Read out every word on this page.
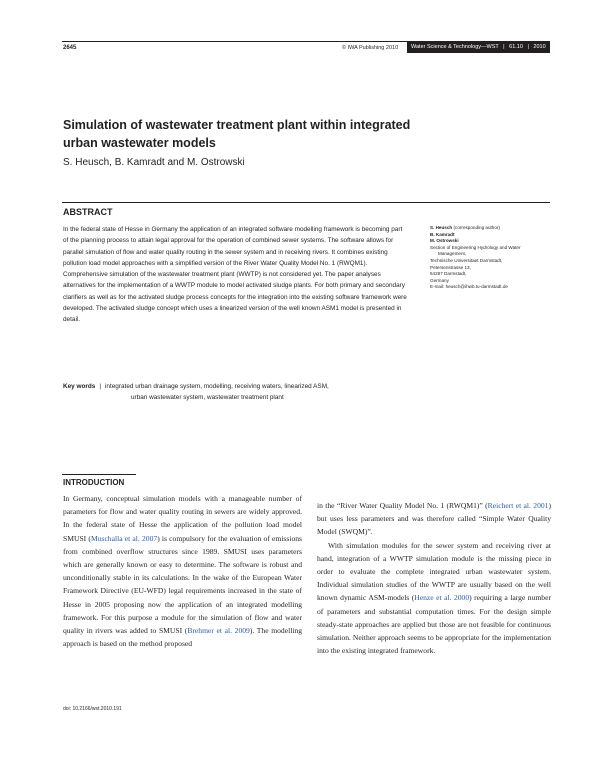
2645	© IWA Publishing 2010	Water Science & Technology—WST | 61.10 | 2010
Simulation of wastewater treatment plant within integrated urban wastewater models
S. Heusch, B. Kamradt and M. Ostrowski
ABSTRACT
In the federal state of Hesse in Germany the application of an integrated software modelling framework is becoming part of the planning process to attain legal approval for the operation of combined sewer systems. The software allows for parallel simulation of flow and water quality routing in the sewer system and in receiving rivers. It combines existing pollution load model approaches with a simplified version of the River Water Quality Model No. 1 (RWQM1). Comprehensive simulation of the wastewater treatment plant (WWTP) is not considered yet. The paper analyses alternatives for the implementation of a WWTP module to model activated sludge plants. For both primary and secondary clarifiers as well as for the activated sludge process concepts for the integration into the existing software framework were developed. The activated sludge concept which uses a linearized version of the well known ASM1 model is presented in detail.
Key words | integrated urban drainage system, modelling, receiving waters, linearized ASM,
urban wastewater system, wastewater treatment plant
S. Heusch (corresponding author)
B. Kamradt
M. Ostrowski
Section of Engineering Hydrology and Water
Management,
Technische Universitaet Darmstadt,
Petersenstrasse 13,
64287 Darmstadt,
Germany
E-mail: heusch@ihwb.tu-darmstadt.de
INTRODUCTION

In Germany, conceptual simulation models with a manageable number of parameters for flow and water quality routing in sewers are widely approved. In the federal state of Hesse the application of the pollution load model SMUSI (Muschalla et al. 2007) is compulsory for the evaluation of emissions from combined overflow structures since 1989. SMUSI uses parameters which are generally known or easy to determine. The software is robust and unconditionally stable in its calculations. In the wake of the European Water Framework Directive (EU-WFD) legal requirements increased in the state of Hesse in 2005 proposing now the application of an integrated modelling framework. For this purpose a module for the simulation of flow and water quality in rivers was added to SMUSI (Brehmer et al. 2009). The modelling approach is based on the method proposed

in the “River Water Quality Model No. 1 (RWQM1)” (Reichert et al. 2001) but uses less parameters and was therefore called “Simple Water Quality Model (SWQM)”.

With simulation modules for the sewer system and receiving river at hand, integration of a WWTP simulation module is the missing piece in order to evaluate the complete integrated urban wastewater system. Individual simulation studies of the WWTP are usually based on the well known dynamic ASM-models (Henze et al. 2000) requiring a large number of parameters and substantial computation times. For the design simple steady-state approaches are applied but those are not feasible for continuous simulation. Neither approach seems to be appropriate for the implementation into the existing integrated framework.

doi: 10.2166/wst.2010.191
